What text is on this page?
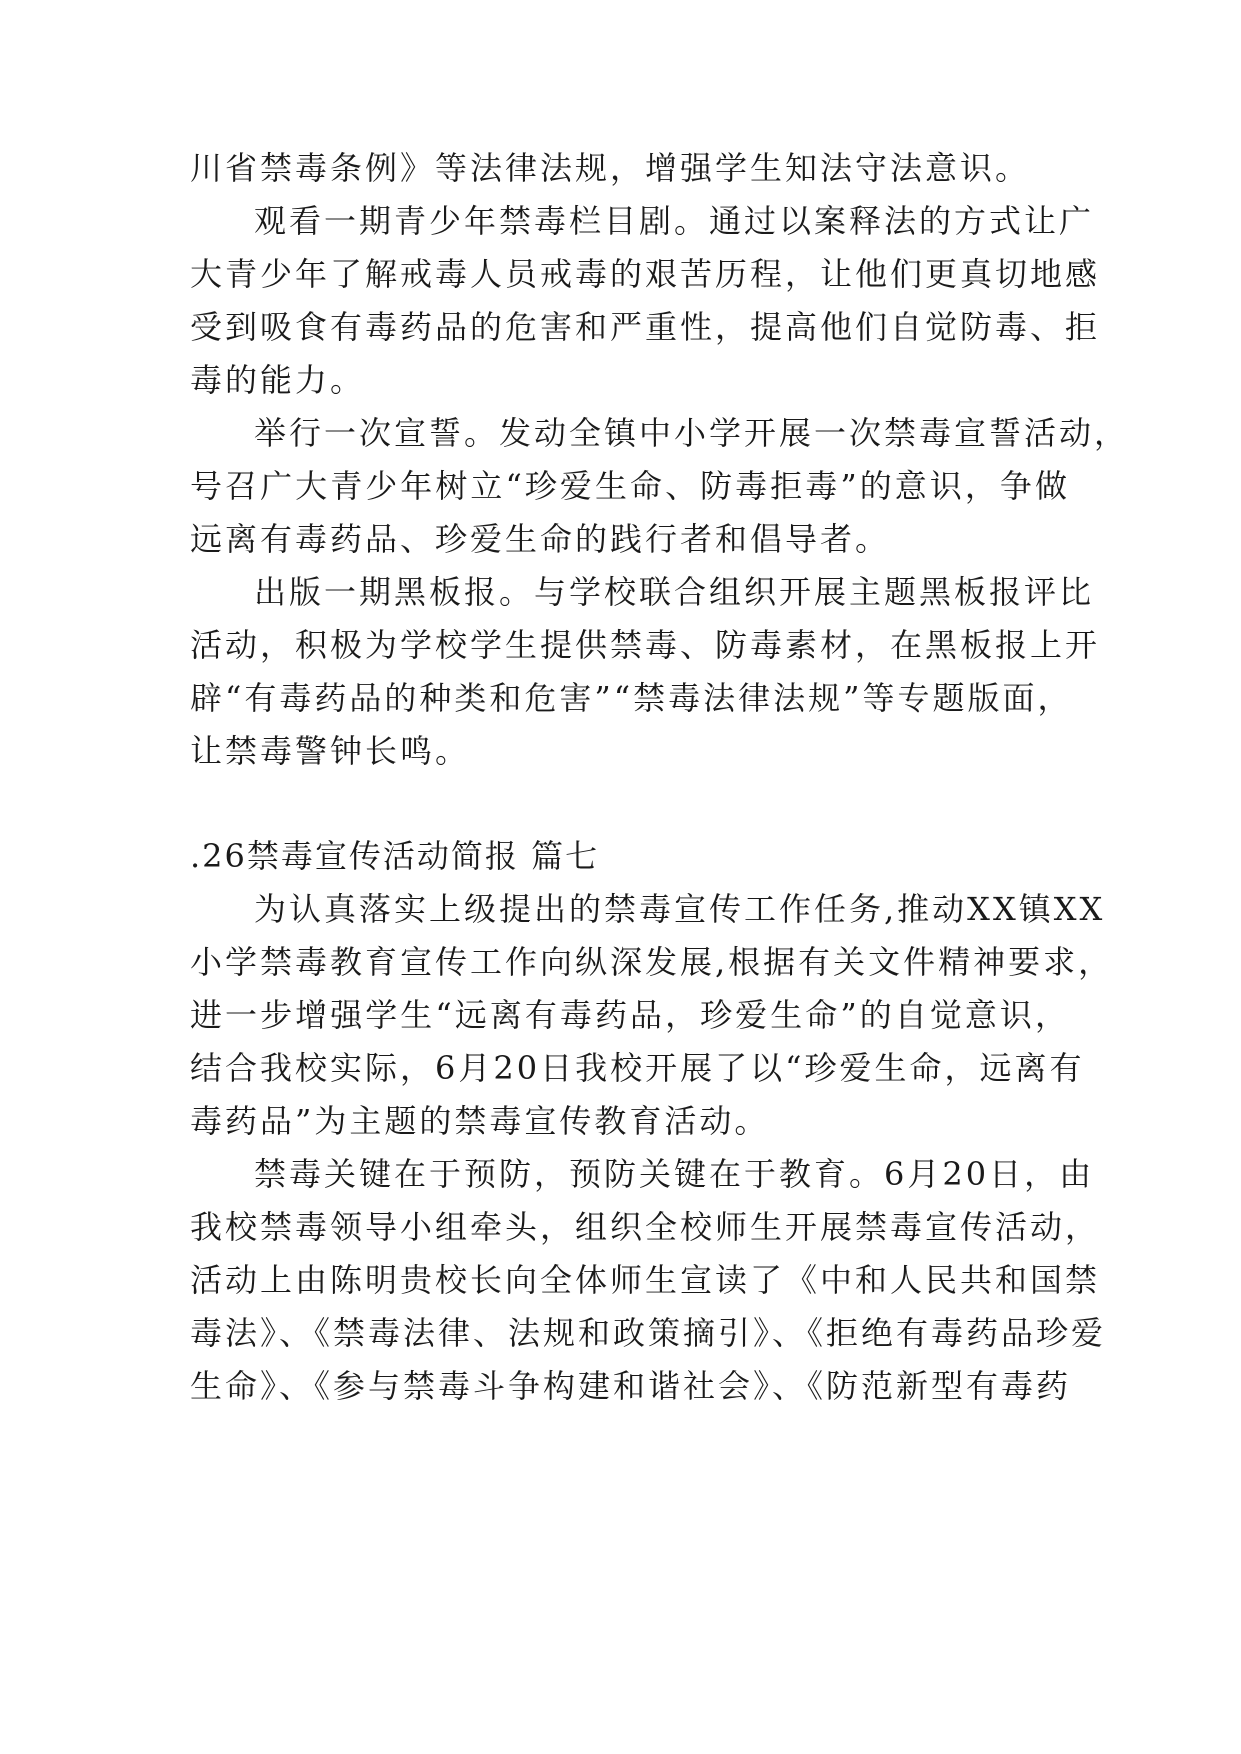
川省禁毒条例》等法律法规，增强学生知法守法意识。
观看一期青少年禁毒栏目剧。通过以案释法的方式让广
大青少年了解戒毒人员戒毒的艰苦历程，让他们更真切地感
受到吸食有毒药品的危害和严重性，提高他们自觉防毒、拒
毒的能力。
举行一次宣誓。发动全镇中小学开展一次禁毒宣誓活动，
号召广大青少年树立“珍爱生命、防毒拒毒”的意识，争做
远离有毒药品、珍爱生命的践行者和倡导者。
出版一期黑板报。与学校联合组织开展主题黑板报评比
活动，积极为学校学生提供禁毒、防毒素材，在黑板报上开
辟“有毒药品的种类和危害”“禁毒法律法规”等专题版面，
让禁毒警钟长鸣。
.26禁毒宣传活动简报 篇七
为认真落实上级提出的禁毒宣传工作任务,推动XX镇XX
小学禁毒教育宣传工作向纵深发展,根据有关文件精神要求，
进一步增强学生“远离有毒药品，珍爱生命”的自觉意识，
结合我校实际，6月20日我校开展了以“珍爱生命，远离有
毒药品”为主题的禁毒宣传教育活动。
禁毒关键在于预防，预防关键在于教育。6月20日，由
我校禁毒领导小组牵头，组织全校师生开展禁毒宣传活动，
活动上由陈明贵校长向全体师生宣读了《中和人民共和国禁
毒法》、《禁毒法律、法规和政策摘引》、《拒绝有毒药品珍爱
生命》、《参与禁毒斗争构建和谐社会》、《防范新型有毒药
